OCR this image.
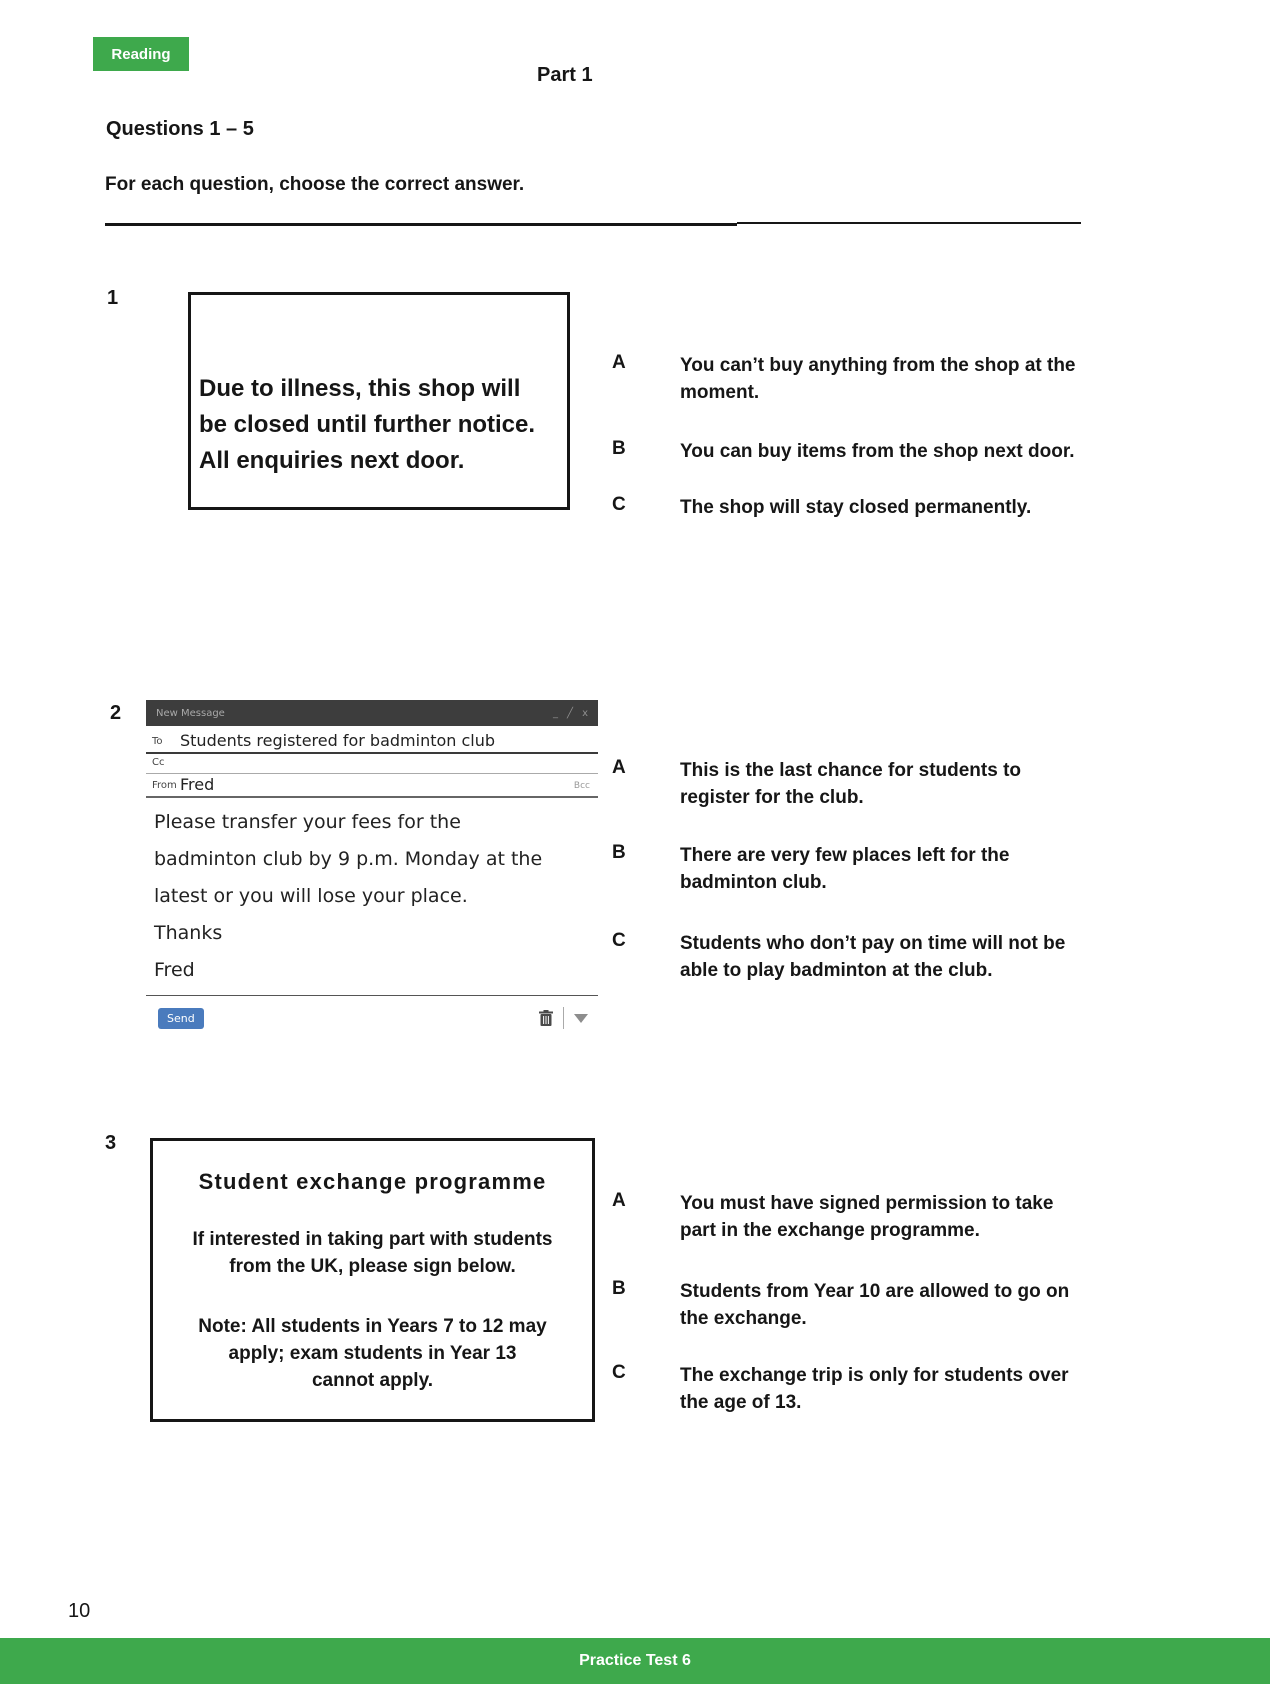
Reading
Part 1
Questions 1 – 5
For each question, choose the correct answer.
1
Due to illness, this shop will
be closed until further notice.
All enquiries next door.
A	You can’t buy anything from the shop at the
moment.
B	You can buy items from the shop next door.
C	The shop will stay closed permanently.
2	New Message	_ ╱ x
To	Students registered for badminton club
Cc
From Fred	Bcc
Please transfer your fees for the
badminton club by 9 p.m. Monday at the
latest or you will lose your place.
Thanks
Fred
Send
A	This is the last chance for students to
register for the club.
B	There are very few places left for the
badminton club.
C	Students who don’t pay on time will not be
able to play badminton at the club.
3
Student exchange programme
If interested in taking part with students
from the UK, please sign below.
Note: All students in Years 7 to 12 may
apply; exam students in Year 13
cannot apply.
A	You must have signed permission to take
part in the exchange programme.
B	Students from Year 10 are allowed to go on
the exchange.
C	The exchange trip is only for students over
the age of 13.
10
Practice Test 6
